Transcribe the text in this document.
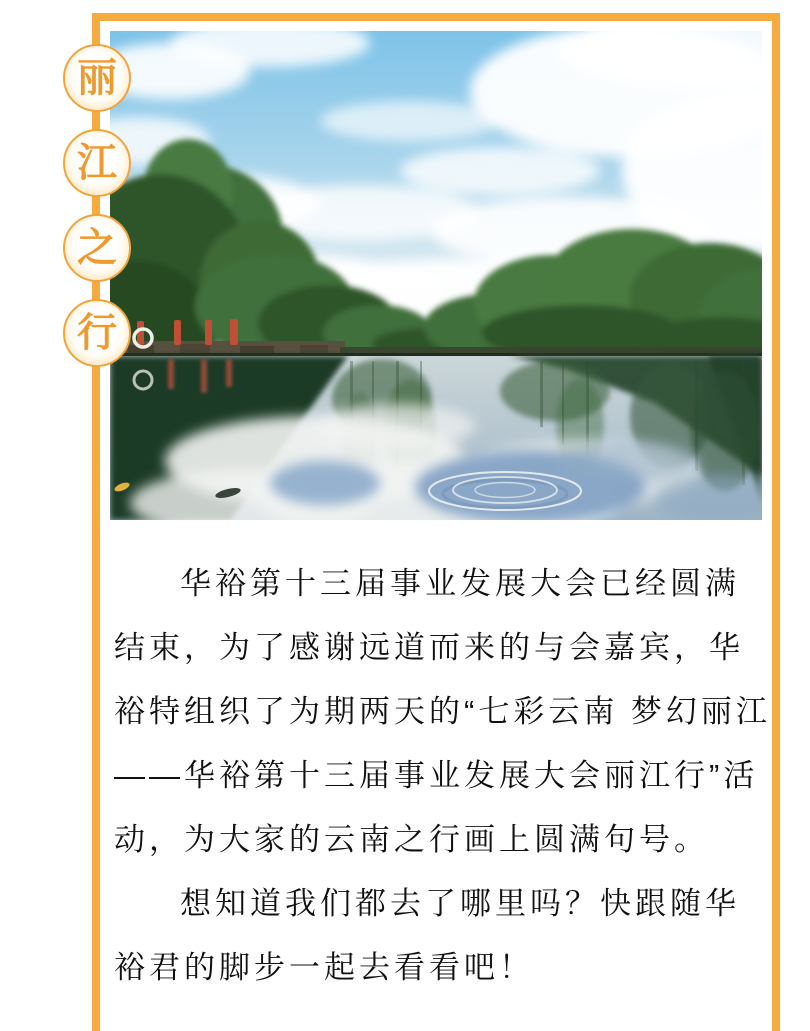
丽
江
之
行
华裕第十三届事业发展大会已经圆满
结束，为了感谢远道而来的与会嘉宾，华
裕特组织了为期两天的“七彩云南 梦幻丽江
——华裕第十三届事业发展大会丽江行”活
动，为大家的云南之行画上圆满句号。
想知道我们都去了哪里吗？快跟随华
裕君的脚步一起去看看吧！
